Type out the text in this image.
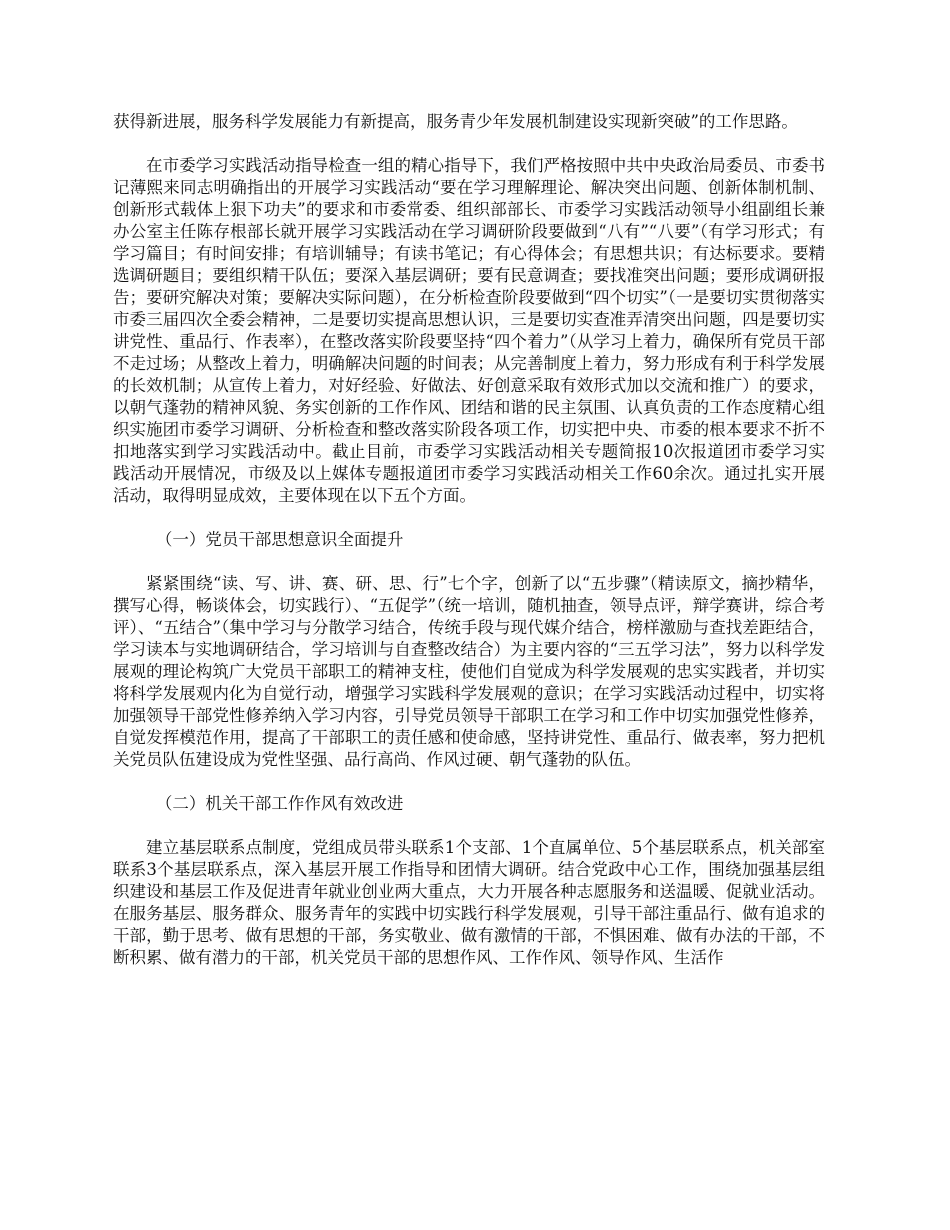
获得新进展，服务科学发展能力有新提高，服务青少年发展机制建设实现新突破”的工作思路。

在市委学习实践活动指导检查一组的精心指导下，我们严格按照中共中央政治局委员、市委书记薄熙来同志明确指出的开展学习实践活动“要在学习理解理论、解决突出问题、创新体制机制、创新形式载体上狠下功夫”的要求和市委常委、组织部部长、市委学习实践活动领导小组副组长兼办公室主任陈存根部长就开展学习实践活动在学习调研阶段要做到“八有”“八要”（有学习形式；有学习篇目；有时间安排；有培训辅导；有读书笔记；有心得体会；有思想共识；有达标要求。要精选调研题目；要组织精干队伍；要深入基层调研；要有民意调查；要找准突出问题；要形成调研报告；要研究解决对策；要解决实际问题），在分析检查阶段要做到“四个切实”（一是要切实贯彻落实市委三届四次全委会精神，二是要切实提高思想认识，三是要切实查准弄清突出问题，四是要切实讲党性、重品行、作表率），在整改落实阶段要坚持“四个着力”（从学习上着力，确保所有党员干部不走过场；从整改上着力，明确解决问题的时间表；从完善制度上着力，努力形成有利于科学发展的长效机制；从宣传上着力，对好经验、好做法、好创意采取有效形式加以交流和推广）的要求，以朝气蓬勃的精神风貌、务实创新的工作作风、团结和谐的民主氛围、认真负责的工作态度精心组织实施团市委学习调研、分析检查和整改落实阶段各项工作，切实把中央、市委的根本要求不折不扣地落实到学习实践活动中。截止目前，市委学习实践活动相关专题简报10次报道团市委学习实践活动开展情况，市级及以上媒体专题报道团市委学习实践活动相关工作60余次。通过扎实开展活动，取得明显成效，主要体现在以下五个方面。

（一）党员干部思想意识全面提升

紧紧围绕“读、写、讲、赛、研、思、行”七个字，创新了以“五步骤”（精读原文，摘抄精华，撰写心得，畅谈体会，切实践行）、“五促学”（统一培训，随机抽查，领导点评，辩学赛讲，综合考评）、“五结合”（集中学习与分散学习结合，传统手段与现代媒介结合，榜样激励与查找差距结合，学习读本与实地调研结合，学习培训与自查整改结合）为主要内容的“三五学习法”，努力以科学发展观的理论构筑广大党员干部职工的精神支柱，使他们自觉成为科学发展观的忠实实践者，并切实将科学发展观内化为自觉行动，增强学习实践科学发展观的意识；在学习实践活动过程中，切实将加强领导干部党性修养纳入学习内容，引导党员领导干部职工在学习和工作中切实加强党性修养，自觉发挥模范作用，提高了干部职工的责任感和使命感，坚持讲党性、重品行、做表率，努力把机关党员队伍建设成为党性坚强、品行高尚、作风过硬、朝气蓬勃的队伍。

（二）机关干部工作作风有效改进

建立基层联系点制度，党组成员带头联系1个支部、1个直属单位、5个基层联系点，机关部室联系3个基层联系点，深入基层开展工作指导和团情大调研。结合党政中心工作，围绕加强基层组织建设和基层工作及促进青年就业创业两大重点，大力开展各种志愿服务和送温暖、促就业活动。在服务基层、服务群众、服务青年的实践中切实践行科学发展观，引导干部注重品行、做有追求的干部，勤于思考、做有思想的干部，务实敬业、做有激情的干部，不惧困难、做有办法的干部，不断积累、做有潜力的干部，机关党员干部的思想作风、工作作风、领导作风、生活作
